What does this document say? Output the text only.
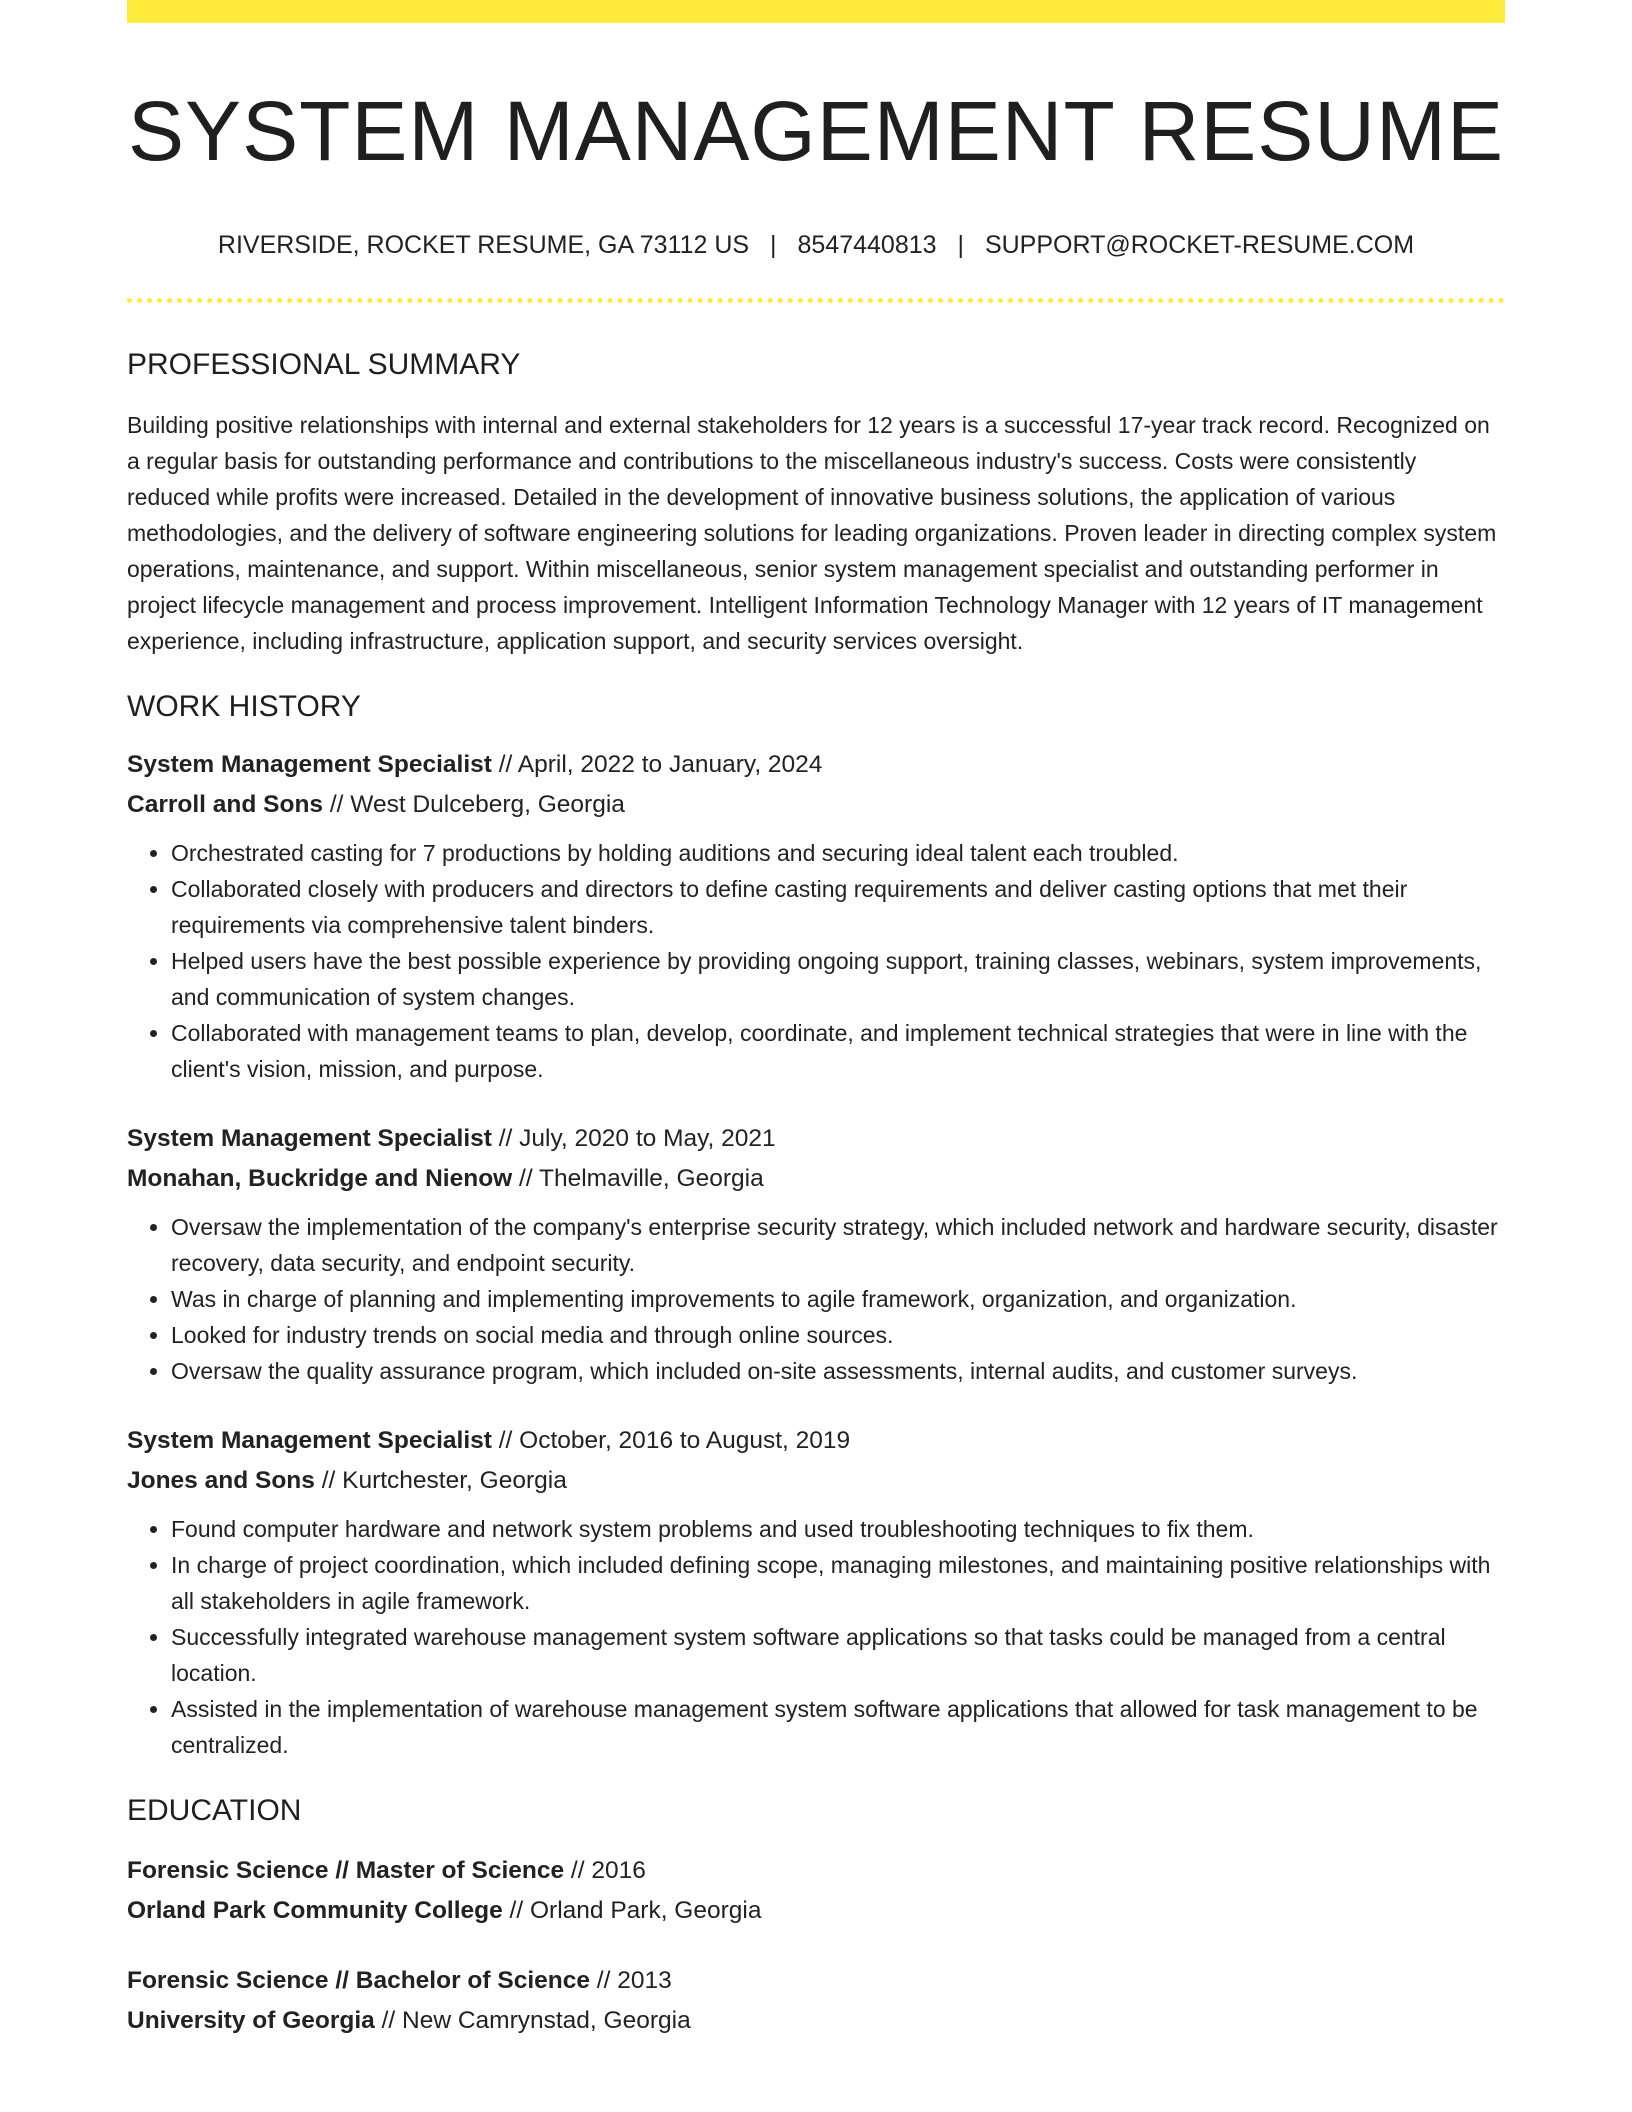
SYSTEM MANAGEMENT RESUME
RIVERSIDE, ROCKET RESUME, GA 73112 US | 8547440813 | SUPPORT@ROCKET-RESUME.COM
PROFESSIONAL SUMMARY

Building positive relationships with internal and external stakeholders for 12 years is a successful 17-year track record. Recognized on a regular basis for outstanding performance and contributions to the miscellaneous industry's success. Costs were consistently reduced while profits were increased. Detailed in the development of innovative business solutions, the application of various methodologies, and the delivery of software engineering solutions for leading organizations. Proven leader in directing complex system operations, maintenance, and support. Within miscellaneous, senior system management specialist and outstanding performer in project lifecycle management and process improvement. Intelligent Information Technology Manager with 12 years of IT management experience, including infrastructure, application support, and security services oversight.

WORK HISTORY
System Management Specialist // April, 2022 to January, 2024
Carroll and Sons // West Dulceberg, Georgia
• Orchestrated casting for 7 productions by holding auditions and securing ideal talent each troubled.
• Collaborated closely with producers and directors to define casting requirements and deliver casting options that met their requirements via comprehensive talent binders.
• Helped users have the best possible experience by providing ongoing support, training classes, webinars, system improvements, and communication of system changes.
• Collaborated with management teams to plan, develop, coordinate, and implement technical strategies that were in line with the client's vision, mission, and purpose.
System Management Specialist // July, 2020 to May, 2021
Monahan, Buckridge and Nienow // Thelmaville, Georgia
• Oversaw the implementation of the company's enterprise security strategy, which included network and hardware security, disaster recovery, data security, and endpoint security.
• Was in charge of planning and implementing improvements to agile framework, organization, and organization.
• Looked for industry trends on social media and through online sources.
• Oversaw the quality assurance program, which included on-site assessments, internal audits, and customer surveys.
System Management Specialist // October, 2016 to August, 2019
Jones and Sons // Kurtchester, Georgia
• Found computer hardware and network system problems and used troubleshooting techniques to fix them.
• In charge of project coordination, which included defining scope, managing milestones, and maintaining positive relationships with all stakeholders in agile framework.
• Successfully integrated warehouse management system software applications so that tasks could be managed from a central location.
• Assisted in the implementation of warehouse management system software applications that allowed for task management to be centralized.
EDUCATION
Forensic Science // Master of Science // 2016
Orland Park Community College // Orland Park, Georgia
Forensic Science // Bachelor of Science // 2013
University of Georgia // New Camrynstad, Georgia
